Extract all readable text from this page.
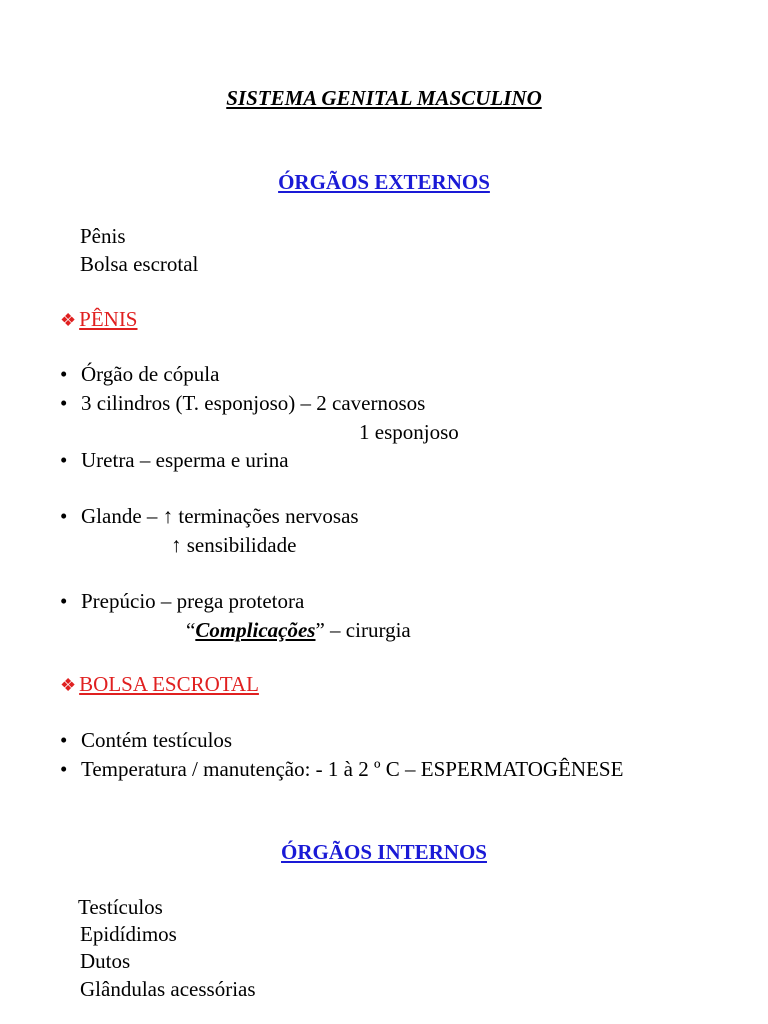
SISTEMA GENITAL MASCULINO
ÓRGÃOS EXTERNOS
Pênis
Bolsa escrotal
❖ PÊNIS
• Órgão de cópula
• 3 cilindros (T. esponjoso) – 2 cavernosos
1 esponjoso
• Uretra – esperma e urina
• Glande – ↑ terminações nervosas
↑ sensibilidade
• Prepúcio – prega protetora
“Complicações” – cirurgia
❖ BOLSA ESCROTAL
• Contém testículos
• Temperatura / manutenção: - 1 à 2 º C – ESPERMATOGÊNESE
ÓRGÃOS INTERNOS
Testículos
Epidídimos
Dutos
Glândulas acessórias
